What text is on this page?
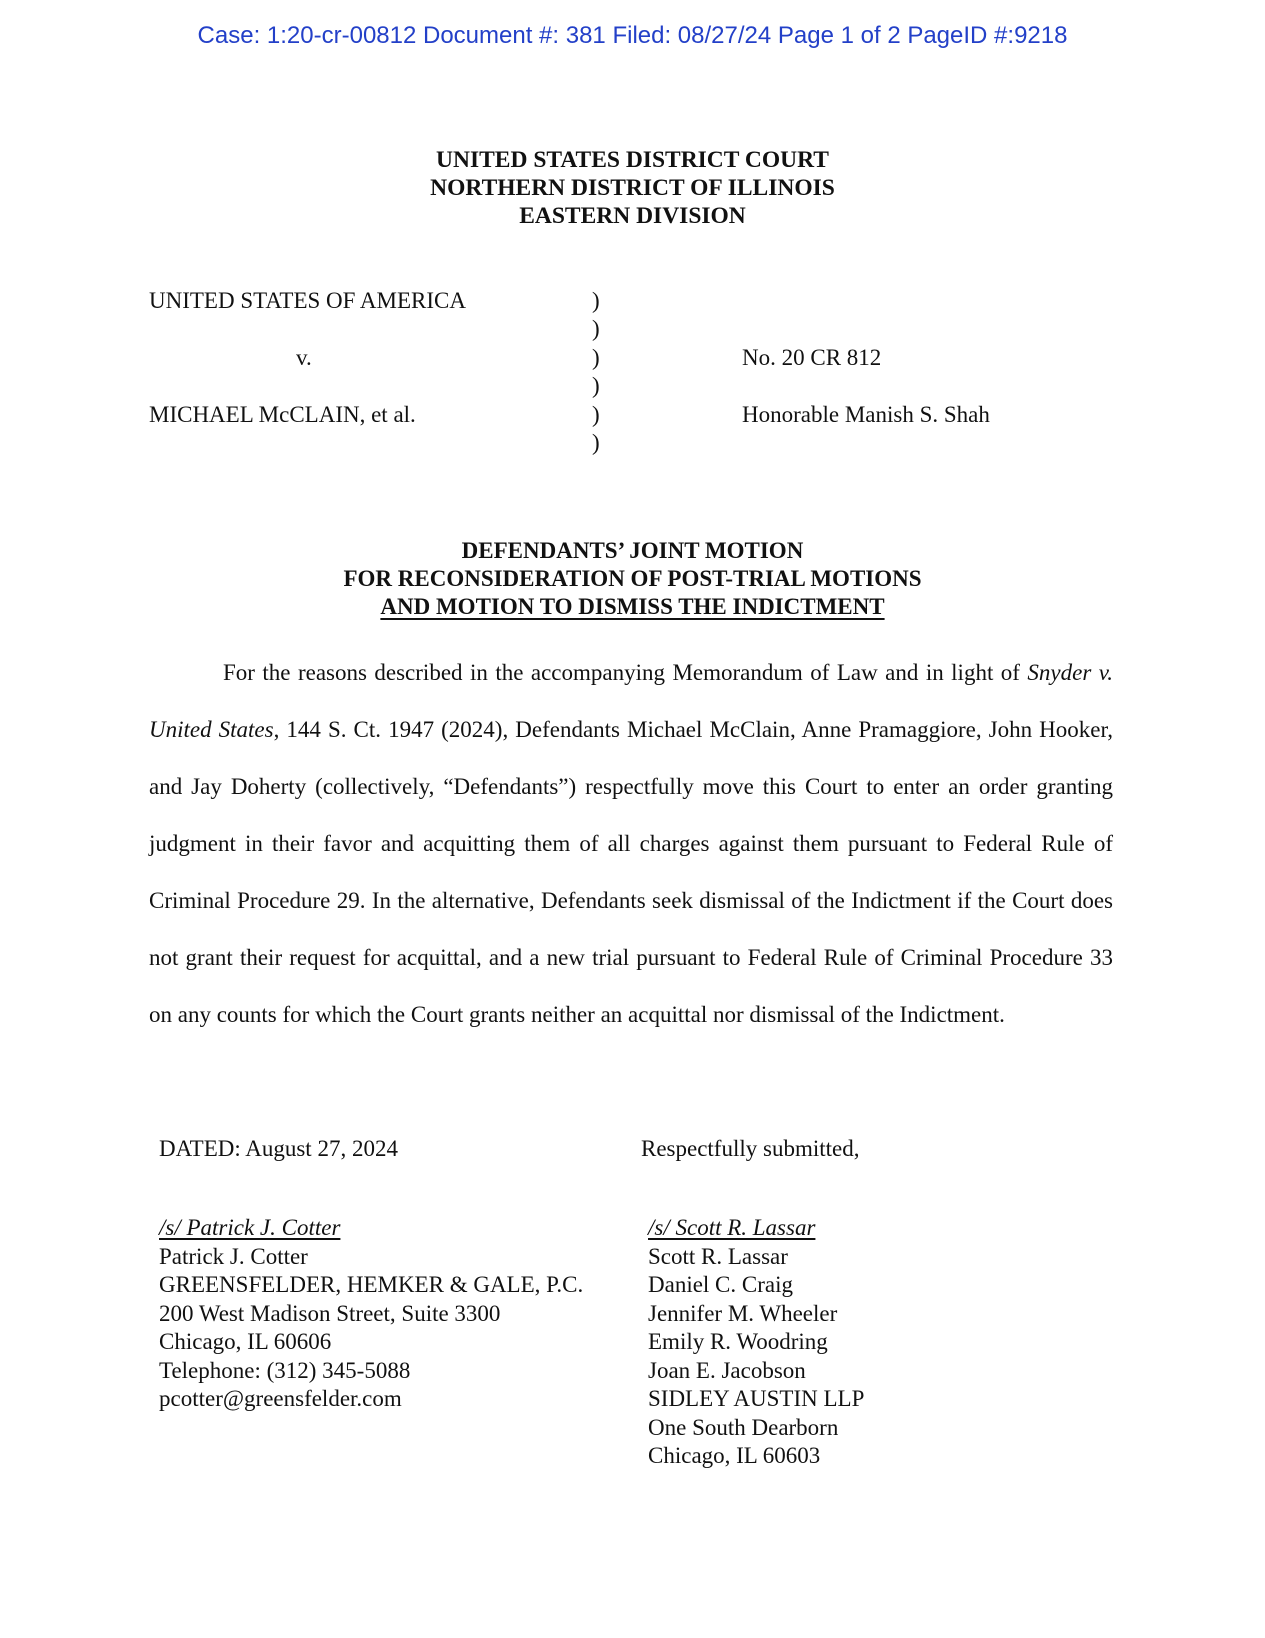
Case: 1:20-cr-00812 Document #: 381 Filed: 08/27/24 Page 1 of 2 PageID #:9218
UNITED STATES DISTRICT COURT
NORTHERN DISTRICT OF ILLINOIS
EASTERN DIVISION
UNITED STATES OF AMERICA
v.
MICHAEL McCLAIN, et al.
No. 20 CR 812
Honorable Manish S. Shah
)
)
)
)
)
)
DEFENDANTS’ JOINT MOTION
FOR RECONSIDERATION OF POST-TRIAL MOTIONS
AND MOTION TO DISMISS THE INDICTMENT
For the reasons described in the accompanying Memorandum of Law and in light of Snyder v. United States, 144 S. Ct. 1947 (2024), Defendants Michael McClain, Anne Pramaggiore, John Hooker, and Jay Doherty (collectively, “Defendants”) respectfully move this Court to enter an order granting judgment in their favor and acquitting them of all charges against them pursuant to Federal Rule of Criminal Procedure 29. In the alternative, Defendants seek dismissal of the Indictment if the Court does not grant their request for acquittal, and a new trial pursuant to Federal Rule of Criminal Procedure 33 on any counts for which the Court grants neither an acquittal nor dismissal of the Indictment.
DATED: August 27, 2024	Respectfully submitted,
/s/ Patrick J. Cotter
Patrick J. Cotter
GREENSFELDER, HEMKER & GALE, P.C.
200 West Madison Street, Suite 3300
Chicago, IL 60606
Telephone: (312) 345-5088
pcotter@greensfelder.com
/s/ Scott R. Lassar
Scott R. Lassar
Daniel C. Craig
Jennifer M. Wheeler
Emily R. Woodring
Joan E. Jacobson
SIDLEY AUSTIN LLP
One South Dearborn
Chicago, IL 60603
